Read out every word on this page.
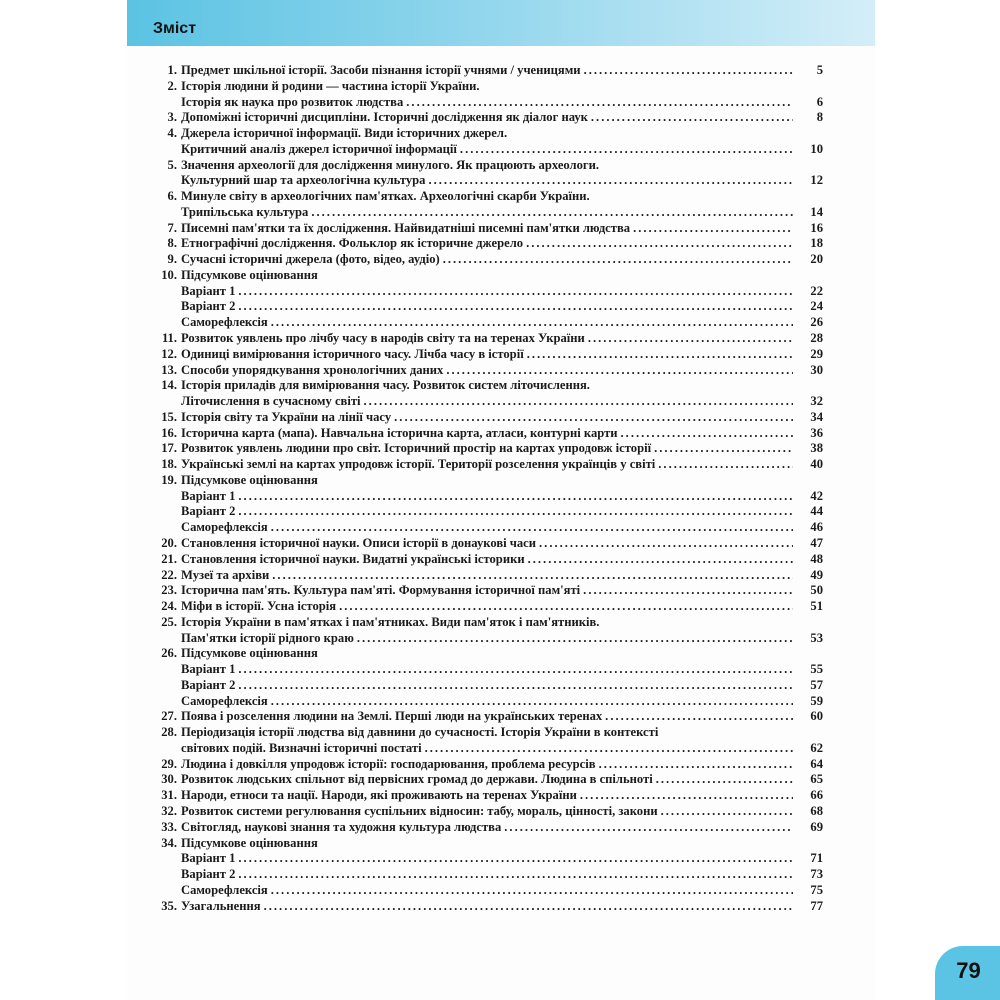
Зміст
1. Предмет шкільної історії. Засоби пізнання історії учнями / ученицями .....	5
2. Історія людини й родини — частина історії України.
Історія як наука про розвиток людства .....	6
3. Допоміжні історичні дисципліни. Історичні дослідження як діалог наук .....	8
4. Джерела історичної інформації. Види історичних джерел.
Критичний аналіз джерел історичної інформації .....	10
5. Значення археології для дослідження минулого. Як працюють археологи.
Культурний шар та археологічна культура .....	12
6. Минуле світу в археологічних пам'ятках. Археологічні скарби України.
Трипільська культура .....	14
7. Писемні пам'ятки та їх дослідження. Найвидатніші писемні пам'ятки людства .....	16
8. Етнографічні дослідження. Фольклор як історичне джерело .....	18
9. Сучасні історичні джерела (фото, відео, аудіо) .....	20
10. Підсумкове оцінювання
Варіант 1 .....	22
Варіант 2 .....	24
Саморефлексія .....	26
11. Розвиток уявлень про лічбу часу в народів світу та на теренах України .....	28
12. Одиниці вимірювання історичного часу. Лічба часу в історії .....	29
13. Способи упорядкування хронологічних даних .....	30
14. Історія приладів для вимірювання часу. Розвиток систем літочислення.
Літочислення в сучасному світі .....	32
15. Історія світу та України на лінії часу .....	34
16. Історична карта (мапа). Навчальна історична карта, атласи, контурні карти .....	36
17. Розвиток уявлень людини про світ. Історичний простір на картах упродовж історії .....	38
18. Українські землі на картах упродовж історії. Території розселення українців у світі .....	40
19. Підсумкове оцінювання
Варіант 1 .....	42
Варіант 2 .....	44
Саморефлексія .....	46
20. Становлення історичної науки. Описи історії в донаукові часи .....	47
21. Становлення історичної науки. Видатні українські історики .....	48
22. Музеї та архіви .....	49
23. Історична пам'ять. Культура пам'яті. Формування історичної пам'яті .....	50
24. Міфи в історії. Усна історія .....	51
25. Історія України в пам'ятках і пам'ятниках. Види пам'яток і пам'ятників.
Пам'ятки історії рідного краю .....	53
26. Підсумкове оцінювання
Варіант 1 .....	55
Варіант 2 .....	57
Саморефлексія .....	59
27. Поява і розселення людини на Землі. Перші люди на українських теренах .....	60
28. Періодизація історії людства від давнини до сучасності. Історія України в контексті
світових подій. Визначні історичні постаті .....	62
29. Людина і довкілля упродовж історії: господарювання, проблема ресурсів .....	64
30. Розвиток людських спільнот від первісних громад до держави. Людина в спільноті .....	65
31. Народи, етноси та нації. Народи, які проживають на теренах України .....	66
32. Розвиток системи регулювання суспільних відносин: табу, мораль, цінності, закони .....	68
33. Світогляд, наукові знання та художня культура людства .....	69
34. Підсумкове оцінювання
Варіант 1 .....	71
Варіант 2 .....	73
Саморефлексія .....	75
35. Узагальнення .....	77
79
